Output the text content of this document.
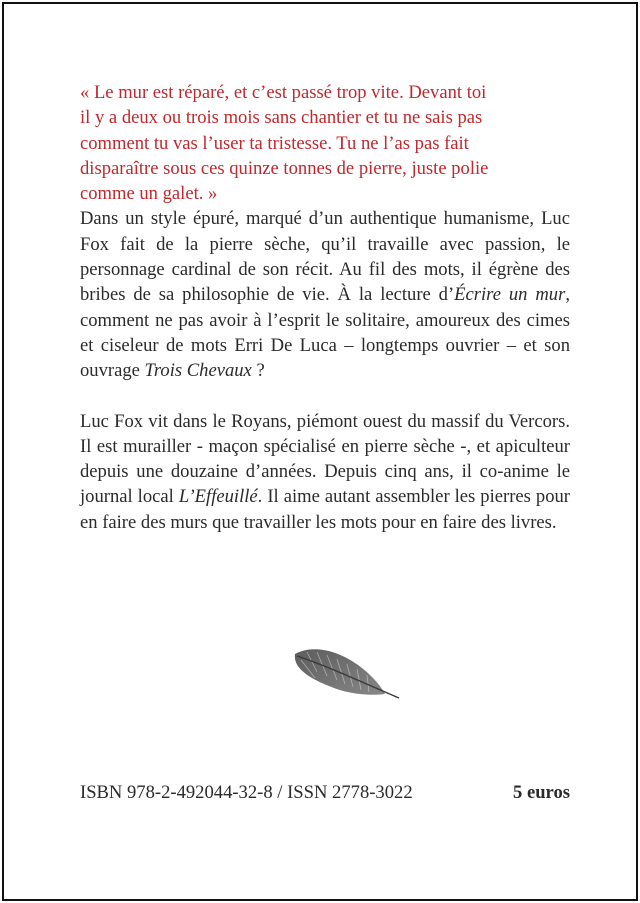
« Le mur est réparé, et c’est passé trop vite. Devant toi
il y a deux ou trois mois sans chantier et tu ne sais pas
comment tu vas l’user ta tristesse. Tu ne l’as pas fait
disparaître sous ces quinze tonnes de pierre, juste polie
comme un galet. »

Dans un style épuré, marqué d’un authentique humanisme, Luc Fox fait de la pierre sèche, qu’il travaille avec passion, le personnage cardinal de son récit. Au fil des mots, il égrène des bribes de sa philosophie de vie. À la lecture d’Écrire un mur, comment ne pas avoir à l’esprit le solitaire, amoureux des cimes et ciseleur de mots Erri De Luca – longtemps ouvrier – et son ouvrage Trois Chevaux ?

Luc Fox vit dans le Royans, piémont ouest du massif du Vercors. Il est murailler - maçon spécialisé en pierre sèche -, et apiculteur depuis une douzaine d’années. Depuis cinq ans, il co-anime le journal local L’Effeuillé. Il aime autant assembler les pierres pour en faire des murs que travailler les mots pour en faire des livres.

ISBN 978-2-492044-32-8 / ISSN 2778-3022	5 euros
